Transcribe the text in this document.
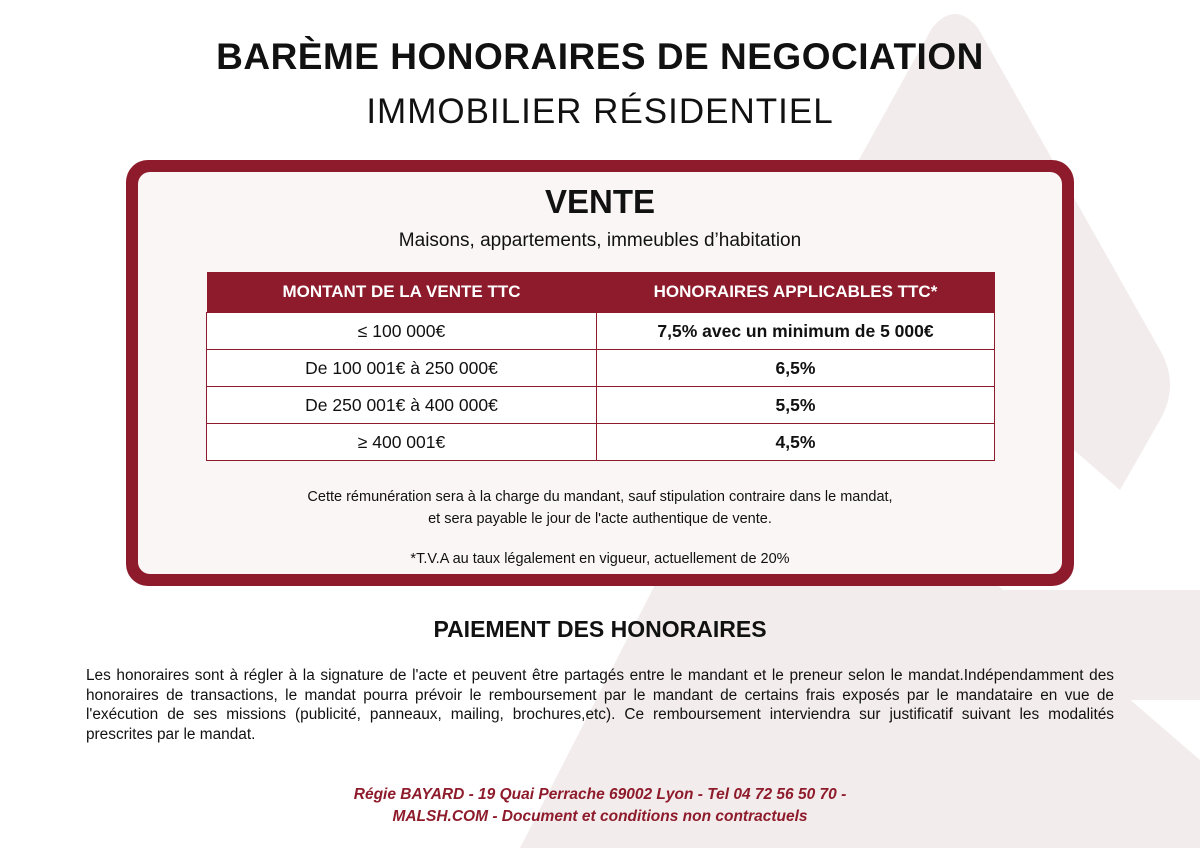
BARÈME HONORAIRES DE NEGOCIATION
IMMOBILIER RÉSIDENTIEL
VENTE
Maisons, appartements, immeubles d’habitation
MONTANT DE LA VENTE TTC	HONORAIRES APPLICABLES TTC*
≤ 100 000€	7,5% avec un minimum de 5 000€
De 100 001€ à 250 000€	6,5%
De 250 001€ à 400 000€	5,5%
≥ 400 001€	4,5%
Cette rémunération sera à la charge du mandant, sauf stipulation contraire dans le mandat,
et sera payable le jour de l'acte authentique de vente.
*T.V.A au taux légalement en vigueur, actuellement de 20%
PAIEMENT DES HONORAIRES
Les honoraires sont à régler à la signature de l'acte et peuvent être partagés entre le mandant et le preneur selon le mandat.Indépendamment des honoraires de transactions, le mandat pourra prévoir le remboursement par le mandant de certains frais exposés par le mandataire en vue de l'exécution de ses missions (publicité, panneaux, mailing, brochures,etc). Ce remboursement interviendra sur justificatif suivant les modalités prescrites par le mandat.
Régie BAYARD - 19 Quai Perrache 69002 Lyon - Tel 04 72 56 50 70 -
MALSH.COM - Document et conditions non contractuels
